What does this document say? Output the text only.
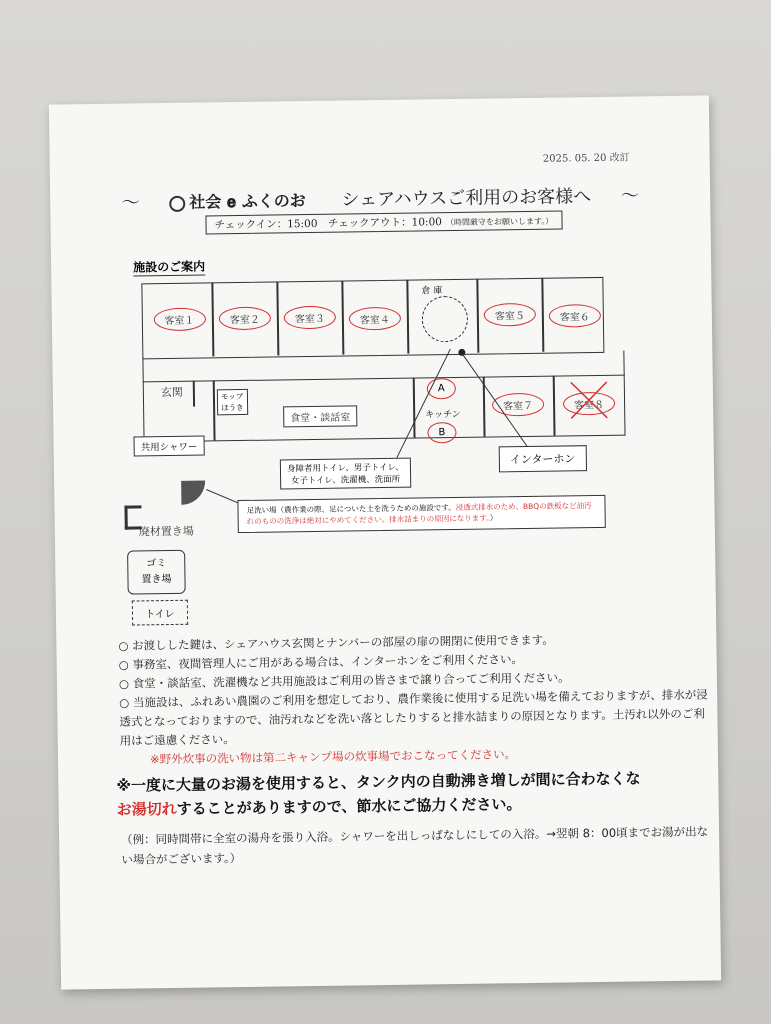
2025. 05. 20 改訂
〜	社会 𝐞 ふくのお シェアハウスご利用のお客様へ 〜
チェックイン：15:00　チェックアウト：10:00 （時間厳守をお願いします。）
施設のご案内
倉 庫
客室１	客室２	客室３	客室４	客室５	客室６
玄関	モップ
ほうき
食堂・談話室
A
キッチン
B
客室７	客室８
共用シャワー
身障者用トイレ、男子トイレ、
女子トイレ、洗濯機、洗面所
インターホン
足洗い場（農作業の際、足についた土を洗うための施設です。浸透式排水のため、BBQの鉄板など油汚れのものの洗浄は絶対にやめてください。排水詰まりの原因になります。）
廃材置き場
ゴミ
置き場
トイレ
○ お渡しした鍵は、シェアハウス玄関とナンバーの部屋の扉の開閉に使用できます。
○ 事務室、夜間管理人にご用がある場合は、インターホンをご利用ください。
○ 食堂・談話室、洗濯機など共用施設はご利用の皆さまで譲り合ってご利用ください。
○ 当施設は、ふれあい農園のご利用を想定しており、農作業後に使用する足洗い場を備えておりますが、排水が浸透式となっておりますので、油汚れなどを洗い落としたりすると排水詰まりの原因となります。土汚れ以外のご利用はご遠慮ください。
※野外炊事の洗い物は第二キャンプ場の炊事場でおこなってください。
※一度に大量のお湯を使用すると、タンク内の自動沸き増しが間に合わなくな
お湯切れすることがありますので、節水にご協力ください。
（例：同時間帯に全室の湯舟を張り入浴。シャワーを出しっぱなしにしての入浴。→翌朝 8：00頃までお湯が出ない場合がございます。）
